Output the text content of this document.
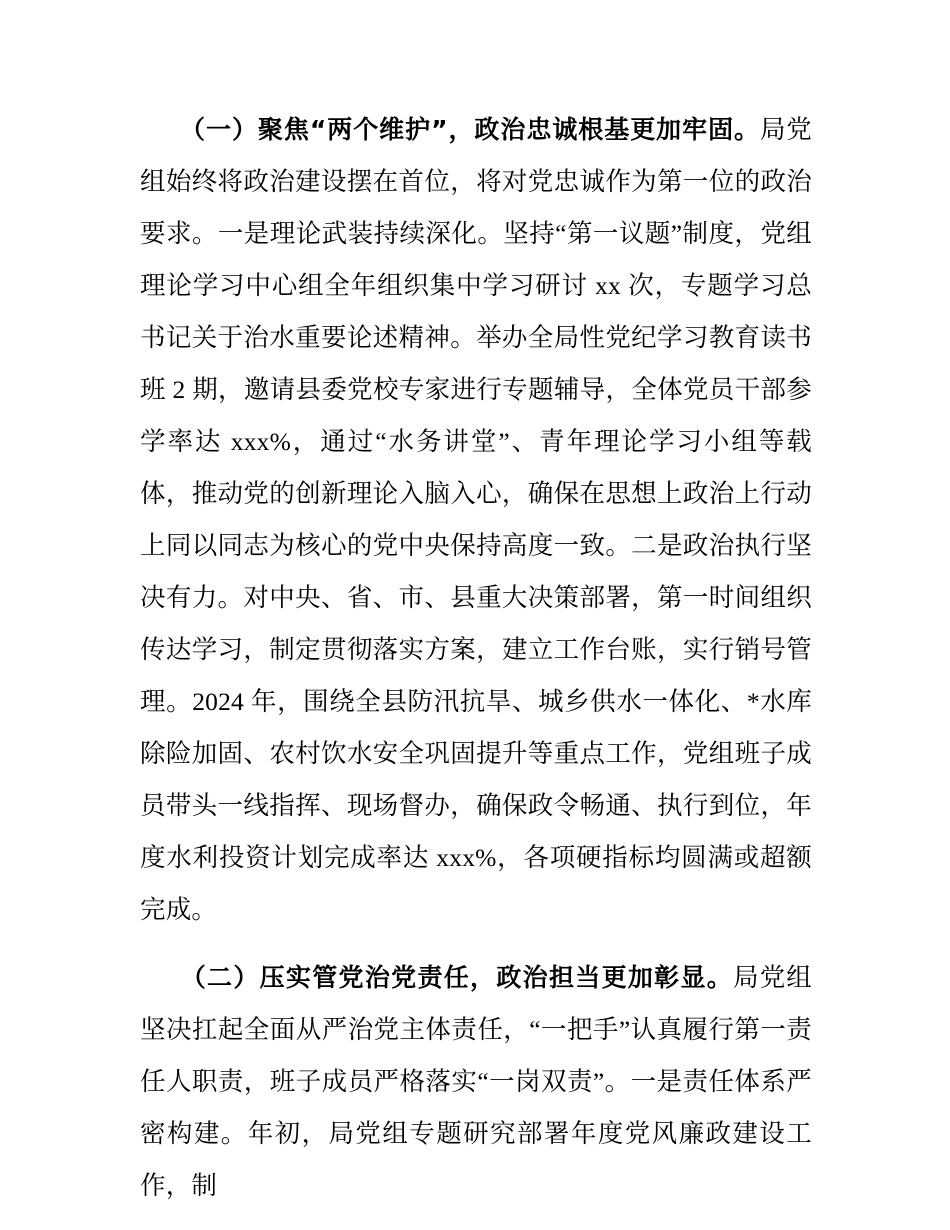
　　（一）聚焦“两个维护”，政治忠诚根基更加牢固。局党组始终将政治建设摆在首位，将对党忠诚作为第一位的政治要求。一是理论武装持续深化。坚持“第一议题”制度，党组理论学习中心组全年组织集中学习研讨 xx 次，专题学习总书记关于治水重要论述精神。举办全局性党纪学习教育读书班 2 期，邀请县委党校专家进行专题辅导，全体党员干部参学率达 xxx%，通过“水务讲堂”、青年理论学习小组等载体，推动党的创新理论入脑入心，确保在思想上政治上行动上同以同志为核心的党中央保持高度一致。二是政治执行坚决有力。对中央、省、市、县重大决策部署，第一时间组织传达学习，制定贯彻落实方案，建立工作台账，实行销号管理。2024 年，围绕全县防汛抗旱、城乡供水一体化、*水库除险加固、农村饮水安全巩固提升等重点工作，党组班子成员带头一线指挥、现场督办，确保政令畅通、执行到位，年度水利投资计划完成率达 xxx%，各项硬指标均圆满或超额完成。

　　（二）压实管党治党责任，政治担当更加彰显。局党组坚决扛起全面从严治党主体责任，“一把手”认真履行第一责任人职责，班子成员严格落实“一岗双责”。一是责任体系严密构建。年初，局党组专题研究部署年度党风廉政建设工作，制
